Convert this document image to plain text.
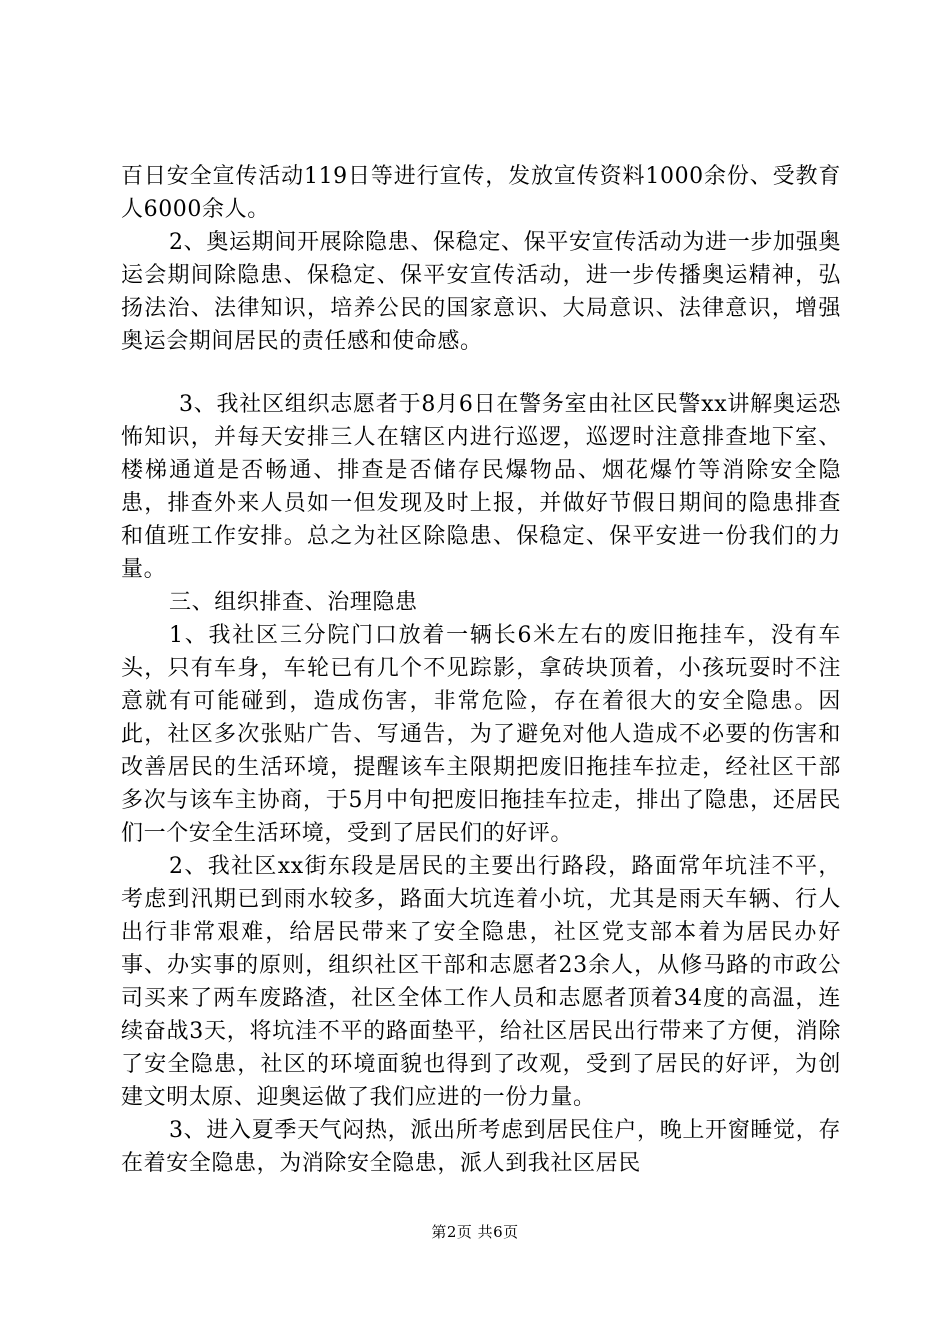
百日安全宣传活动119日等进行宣传，发放宣传资料1000余份、受教育人6000余人。

2、奥运期间开展除隐患、保稳定、保平安宣传活动为进一步加强奥运会期间除隐患、保稳定、保平安宣传活动，进一步传播奥运精神，弘扬法治、法律知识，培养公民的国家意识、大局意识、法律意识，增强奥运会期间居民的责任感和使命感。

3、我社区组织志愿者于8月6日在警务室由社区民警xx讲解奥运恐怖知识，并每天安排三人在辖区内进行巡逻，巡逻时注意排查地下室、楼梯通道是否畅通、排查是否储存民爆物品、烟花爆竹等消除安全隐患，排查外来人员如一但发现及时上报，并做好节假日期间的隐患排查和值班工作安排。总之为社区除隐患、保稳定、保平安进一份我们的力量。

三、组织排查、治理隐患

1、我社区三分院门口放着一辆长6米左右的废旧拖挂车，没有车头，只有车身，车轮已有几个不见踪影，拿砖块顶着，小孩玩耍时不注意就有可能碰到，造成伤害，非常危险，存在着很大的安全隐患。因此，社区多次张贴广告、写通告，为了避免对他人造成不必要的伤害和改善居民的生活环境，提醒该车主限期把废旧拖挂车拉走，经社区干部多次与该车主协商，于5月中旬把废旧拖挂车拉走，排出了隐患，还居民们一个安全生活环境，受到了居民们的好评。

2、我社区xx街东段是居民的主要出行路段，路面常年坑洼不平，考虑到汛期已到雨水较多，路面大坑连着小坑，尤其是雨天车辆、行人出行非常艰难，给居民带来了安全隐患，社区党支部本着为居民办好事、办实事的原则，组织社区干部和志愿者23余人，从修马路的市政公司买来了两车废路渣，社区全体工作人员和志愿者顶着34度的高温，连续奋战3天，将坑洼不平的路面垫平，给社区居民出行带来了方便，消除了安全隐患，社区的环境面貌也得到了改观，受到了居民的好评，为创建文明太原、迎奥运做了我们应进的一份力量。

3、进入夏季天气闷热，派出所考虑到居民住户，晚上开窗睡觉，存在着安全隐患，为消除安全隐患，派人到我社区居民

第2页 共6页
